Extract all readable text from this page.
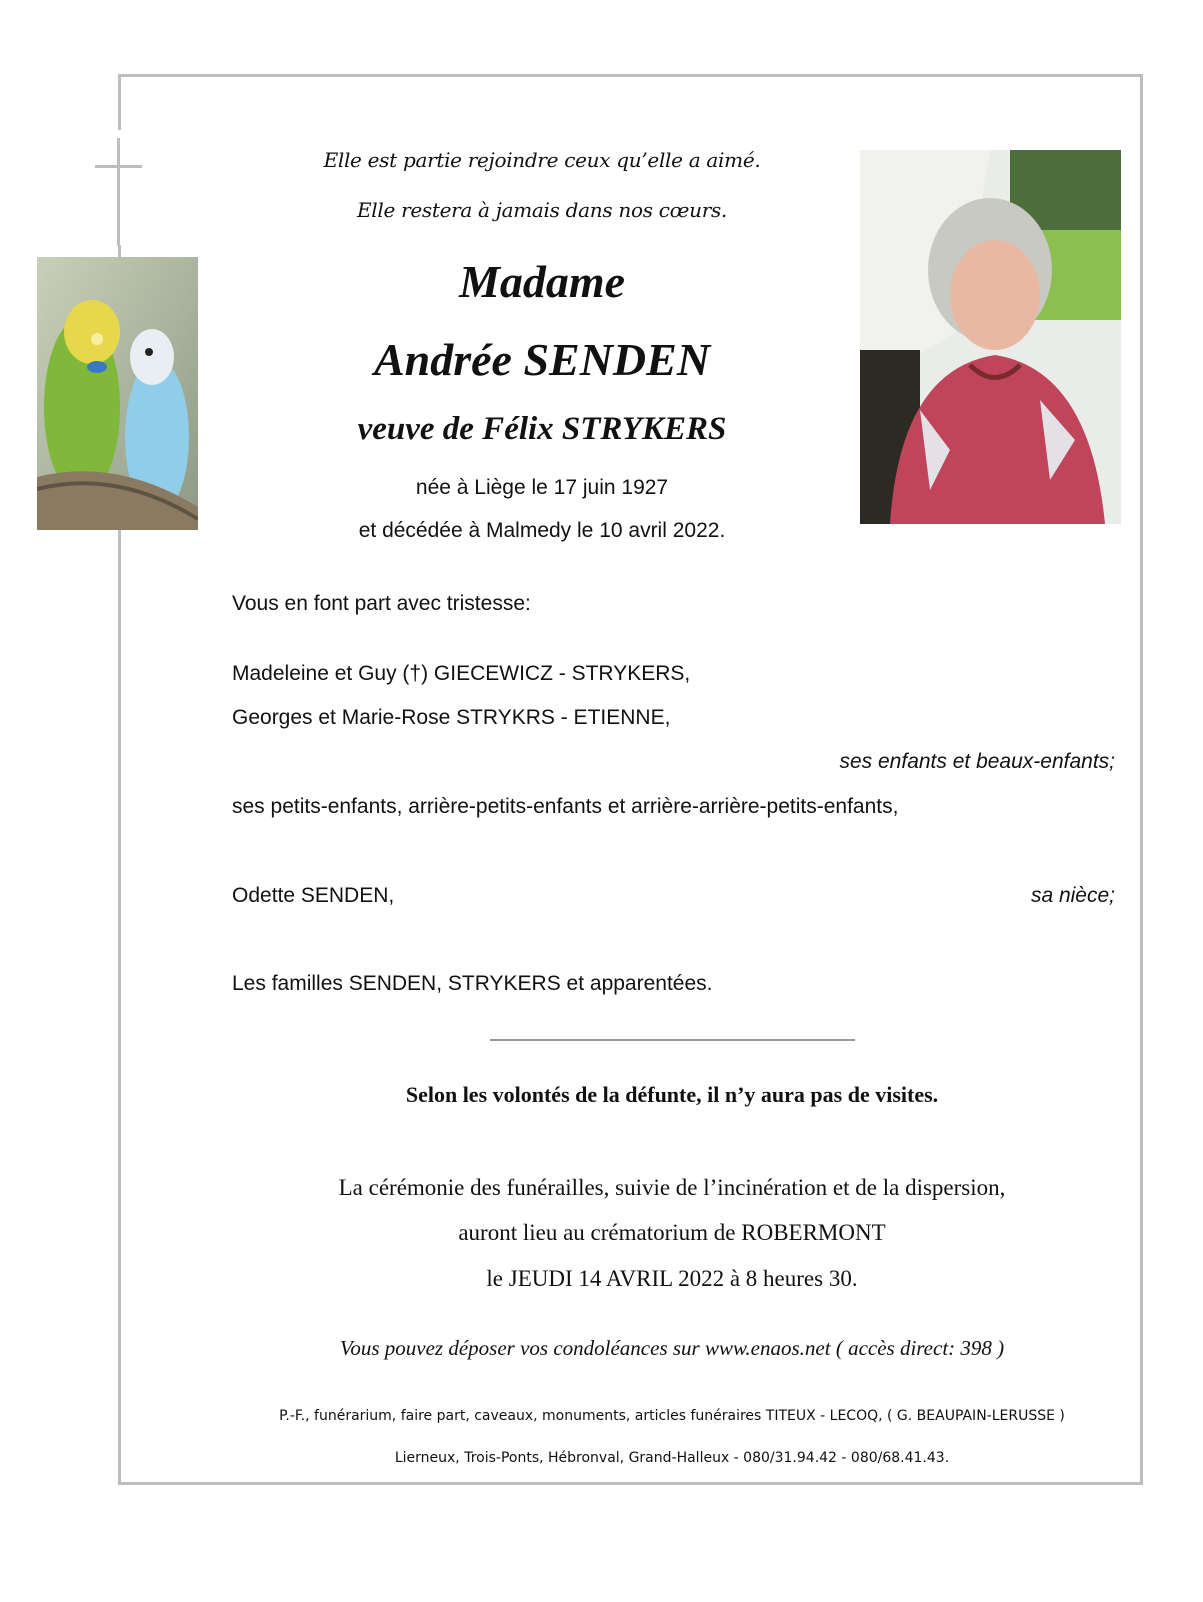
Elle est partie rejoindre ceux qu’elle a aimé.
Elle restera à jamais dans nos cœurs.
Madame
Andrée SENDEN
veuve de Félix STRYKERS
née à Liège le 17 juin 1927
et décédée à Malmedy le 10 avril 2022.
Vous en font part avec tristesse:
Madeleine et Guy (†) GIECEWICZ - STRYKERS,
Georges et Marie-Rose STRYKRS - ETIENNE,
ses enfants et beaux-enfants;
ses petits-enfants, arrière-petits-enfants et arrière-arrière-petits-enfants,
Odette SENDEN,	sa nièce;
Les familles SENDEN, STRYKERS et apparentées.
Selon les volontés de la défunte, il n’y aura pas de visites.
La cérémonie des funérailles, suivie de l’incinération et de la dispersion,
auront lieu au crématorium de ROBERMONT
le JEUDI 14 AVRIL 2022 à 8 heures 30.
Vous pouvez déposer vos condoléances sur www.enaos.net ( accès direct: 398 )
P.-F., funérarium, faire part, caveaux, monuments, articles funéraires TITEUX - LECOQ, ( G. BEAUPAIN-LERUSSE )
Lierneux, Trois-Ponts, Hébronval, Grand-Halleux - 080/31.94.42 - 080/68.41.43.
